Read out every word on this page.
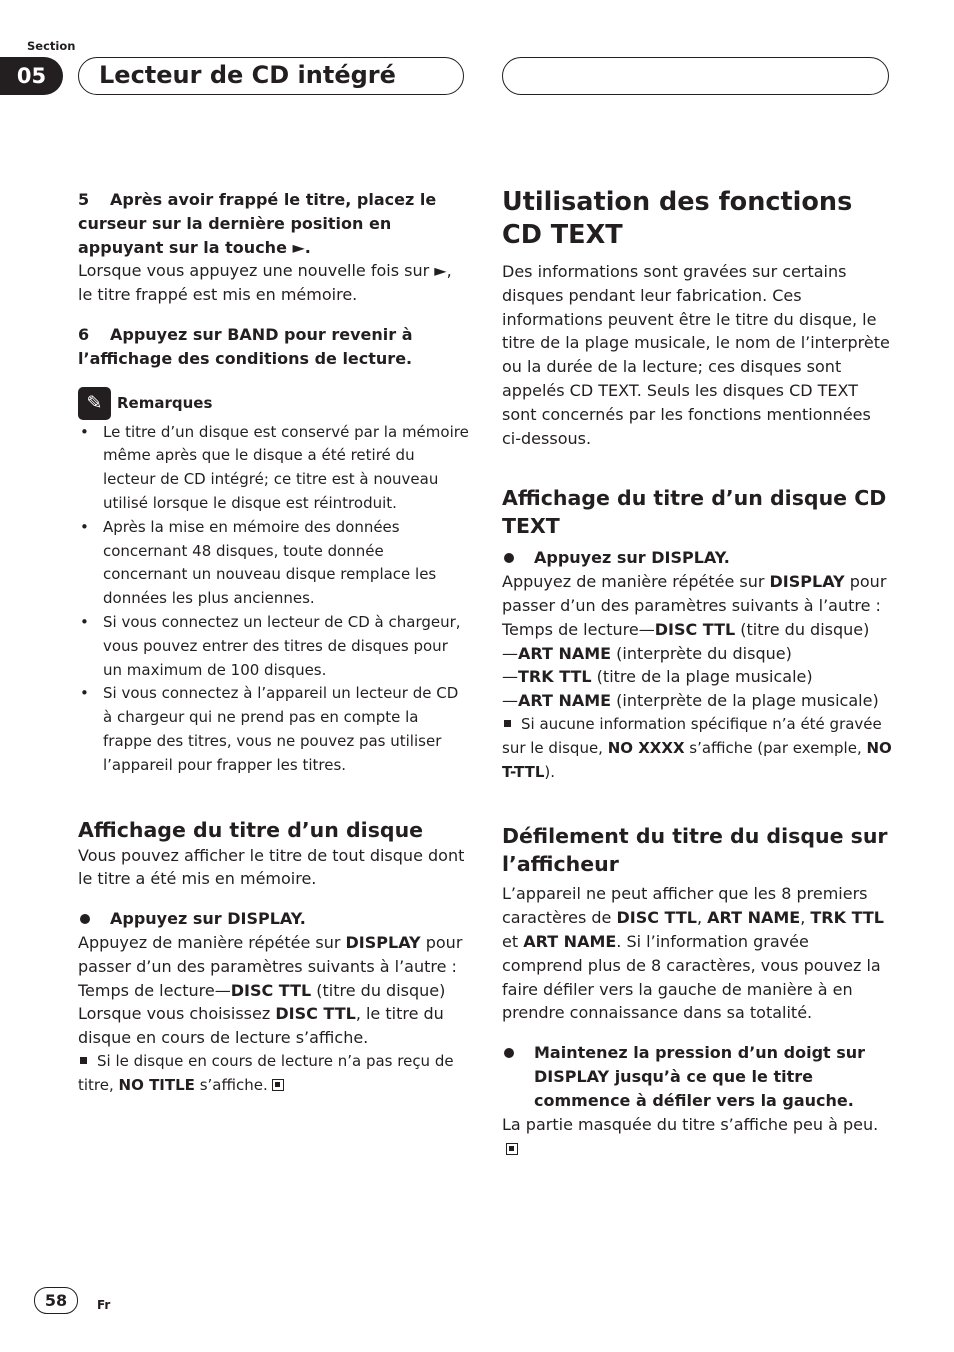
Section
05	Lecteur de CD intégré

5 Après avoir frappé le titre, placez le curseur sur la dernière position en appuyant sur la touche ►.

Lorsque vous appuyez une nouvelle fois sur ►, le titre frappé est mis en mémoire.

6 Appuyez sur BAND pour revenir à l’affichage des conditions de lecture.

✎ Remarques
• Le titre d’un disque est conservé par la mémoire même après que le disque a été retiré du lecteur de CD intégré; ce titre est à nouveau utilisé lorsque le disque est réintroduit.
• Après la mise en mémoire des données concernant 48 disques, toute donnée concernant un nouveau disque remplace les données les plus anciennes.
• Si vous connectez un lecteur de CD à chargeur, vous pouvez entrer des titres de disques pour un maximum de 100 disques.
• Si vous connectez à l’appareil un lecteur de CD à chargeur qui ne prend pas en compte la frappe des titres, vous ne pouvez pas utiliser l’appareil pour frapper les titres.
Affichage du titre d’un disque

Vous pouvez afficher le titre de tout disque dont le titre a été mis en mémoire.

Appuyez sur DISPLAY.

Appuyez de manière répétée sur DISPLAY pour passer d’un des paramètres suivants à l’autre :

Temps de lecture—DISC TTL (titre du disque)

Lorsque vous choisissez DISC TTL, le titre du disque en cours de lecture s’affiche.

Si le disque en cours de lecture n’a pas reçu de titre, NO TITLE s’affiche.

Utilisation des fonctions CD TEXT

Des informations sont gravées sur certains disques pendant leur fabrication. Ces informations peuvent être le titre du disque, le titre de la plage musicale, le nom de l’interprète ou la durée de la lecture; ces disques sont appelés CD TEXT. Seuls les disques CD TEXT sont concernés par les fonctions mentionnées ci-dessous.

Affichage du titre d’un disque CD TEXT

Appuyez sur DISPLAY.

Appuyez de manière répétée sur DISPLAY pour passer d’un des paramètres suivants à l’autre :

Temps de lecture—DISC TTL (titre du disque)

—ART NAME (interprète du disque)

—TRK TTL (titre de la plage musicale)

—ART NAME (interprète de la plage musicale)

Si aucune information spécifique n’a été gravée sur le disque, NO XXXX s’affiche (par exemple, NO T-TTL).

Défilement du titre du disque sur l’afficheur

L’appareil ne peut afficher que les 8 premiers caractères de DISC TTL, ART NAME, TRK TTL et ART NAME. Si l’information gravée comprend plus de 8 caractères, vous pouvez la faire défiler vers la gauche de manière à en prendre connaissance dans sa totalité.

Maintenez la pression d’un doigt sur DISPLAY jusqu’à ce que le titre commence à défiler vers la gauche.

La partie masquée du titre s’affiche peu à peu.

58	Fr
